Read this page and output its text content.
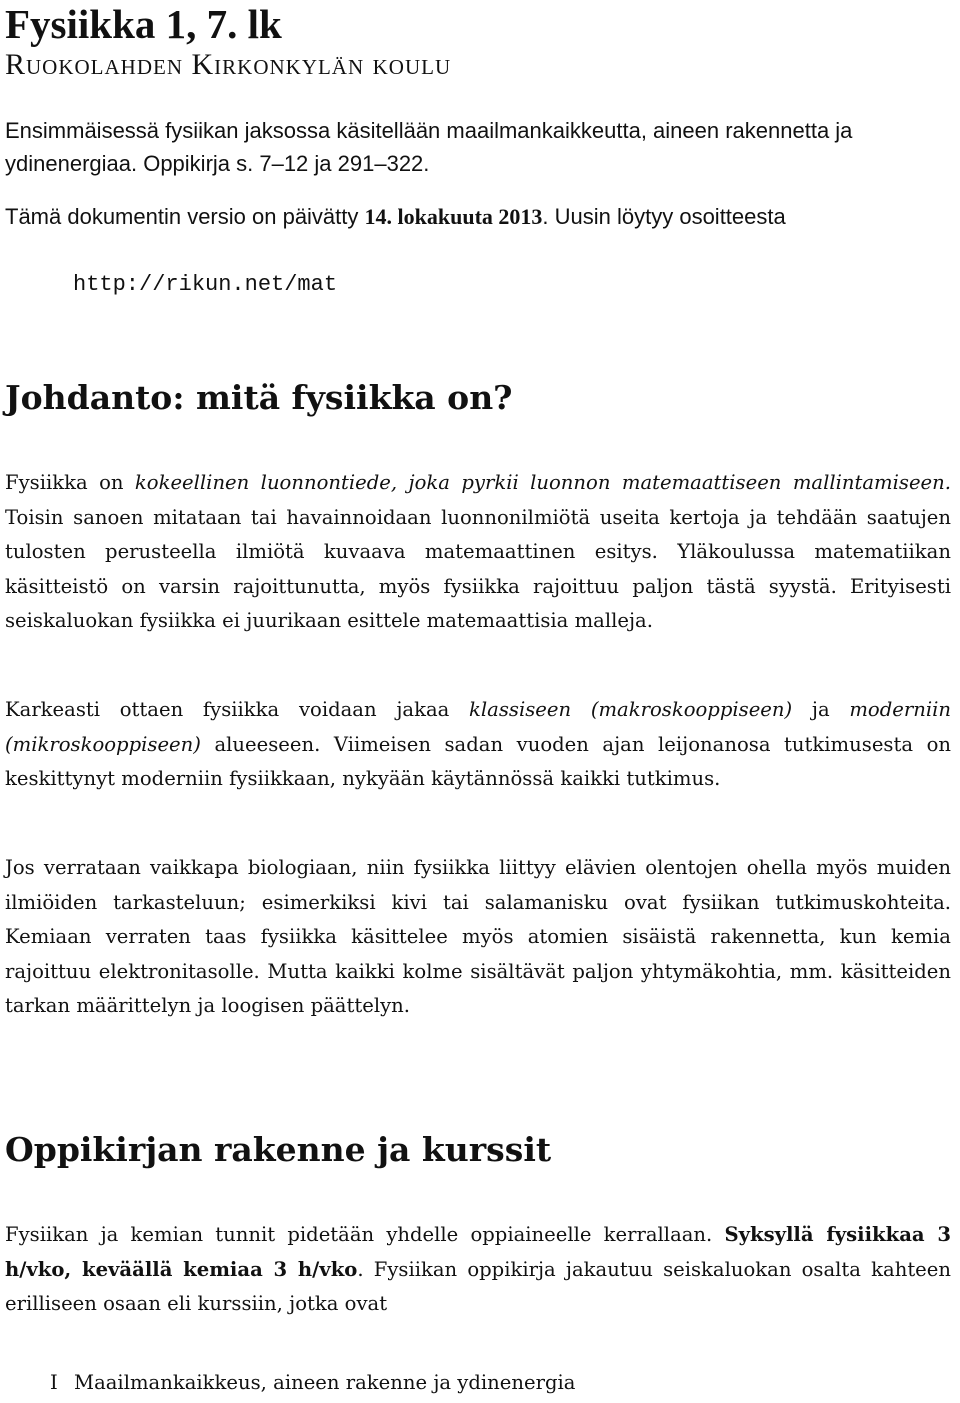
Fysiikka 1, 7. lk

Ruokolahden Kirkonkylän koulu

Ensimmäisessä fysiikan jaksossa käsitellään maailmankaikkeutta, aineen rakennetta ja ydinenergiaa. Oppikirja s. 7–12 ja 291–322.

Tämä dokumentin versio on päivätty 14. lokakuuta 2013. Uusin löytyy osoitteesta

http://rikun.net/mat
Johdanto: mitä fysiikka on?

Fysiikka on kokeellinen luonnontiede, joka pyrkii luonnon matemaattiseen mallintamiseen. Toisin sanoen mitataan tai havainnoidaan luonnonilmiötä useita kertoja ja tehdään saatujen tulosten perusteella ilmiötä kuvaava matemaattinen esitys. Yläkoulussa matematiikan käsitteistö on varsin rajoittunutta, myös fysiikka rajoittuu paljon tästä syystä. Erityisesti seiskaluokan fysiikka ei juurikaan esittele matemaattisia malleja.

Karkeasti ottaen fysiikka voidaan jakaa klassiseen (makroskooppiseen) ja moderniin (mikroskooppiseen) alueeseen. Viimeisen sadan vuoden ajan leijonanosa tutkimusesta on keskittynyt moderniin fysiikkaan, nykyään käytännössä kaikki tutkimus.

Jos verrataan vaikkapa biologiaan, niin fysiikka liittyy elävien olentojen ohella myös muiden ilmiöiden tarkasteluun; esimerkiksi kivi tai salamanisku ovat fysiikan tutkimuskohteita. Kemiaan verraten taas fysiikka käsittelee myös atomien sisäistä rakennetta, kun kemia rajoittuu elektronitasolle. Mutta kaikki kolme sisältävät paljon yhtymäkohtia, mm. käsitteiden tarkan määrittelyn ja loogisen päättelyn.

Oppikirjan rakenne ja kurssit

Fysiikan ja kemian tunnit pidetään yhdelle oppiaineelle kerrallaan. Syksyllä fysiikkaa 3 h/vko, keväällä kemiaa 3 h/vko. Fysiikan oppikirja jakautuu seiskaluokan osalta kahteen erilliseen osaan eli kurssiin, jotka ovat

I Maailmankaikkeus, aineen rakenne ja ydinenergia
